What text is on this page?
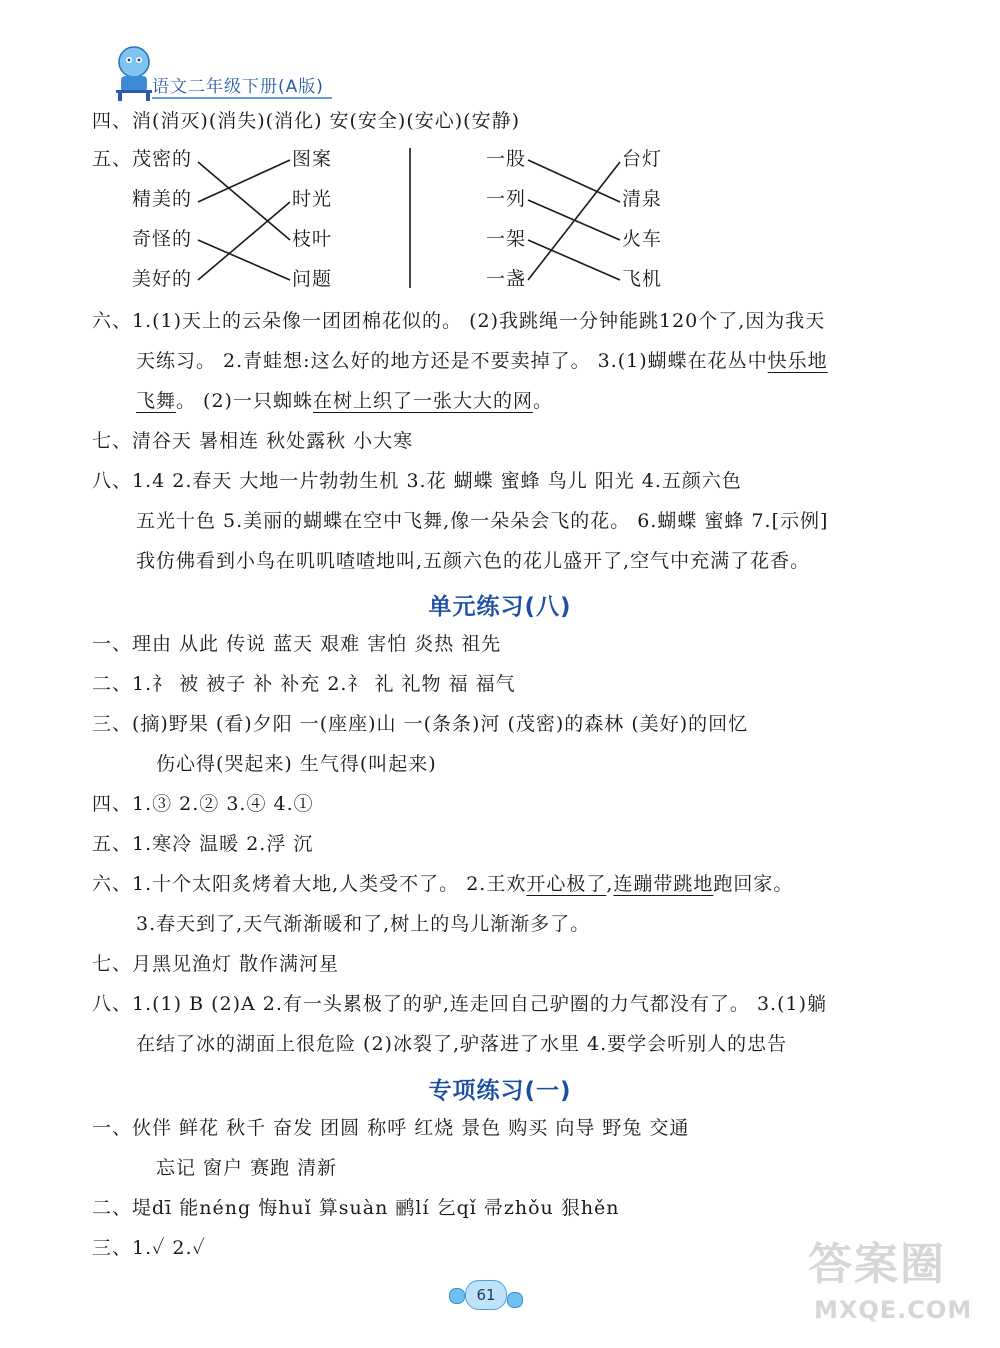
语文二年级下册(A版)
四、消(消灭)(消失)(消化) 安(安全)(安心)(安静)
五、 茂密的
精美的
奇怪的
美好的
图案
时光
枝叶
问题
一股
一列
一架
一盏
台灯
清泉
火车
飞机
六、1.(1)天上的云朵像一团团棉花似的。 (2)我跳绳一分钟能跳120个了,因为我天
天练习。 2.青蛙想:这么好的地方还是不要卖掉了。 3.(1)蝴蝶在花丛中快乐地
飞舞。 (2)一只蜘蛛在树上织了一张大大的网。
七、清谷天 暑相连 秋处露秋 小大寒
八、1.4 2.春天 大地一片勃勃生机 3.花 蝴蝶 蜜蜂 鸟儿 阳光 4.五颜六色
五光十色 5.美丽的蝴蝶在空中飞舞,像一朵朵会飞的花。 6.蝴蝶 蜜蜂 7.[示例]
我仿佛看到小鸟在叽叽喳喳地叫,五颜六色的花儿盛开了,空气中充满了花香。
单元练习(八)
一、理由 从此 传说 蓝天 艰难 害怕 炎热 祖先
二、1.礻 被 被子 补 补充 2.礻 礼 礼物 福 福气
三、(摘)野果 (看)夕阳 一(座座)山 一(条条)河 (茂密)的森林 (美好)的回忆
伤心得(哭起来) 生气得(叫起来)
四、1.③ 2.② 3.④ 4.①
五、1.寒冷 温暖 2.浮 沉
六、1.十个太阳炙烤着大地,人类受不了。 2.王欢开心极了,连蹦带跳地跑回家。
3.春天到了,天气渐渐暖和了,树上的鸟儿渐渐多了。
七、月黑见渔灯 散作满河星
八、1.(1) B (2)A 2.有一头累极了的驴,连走回自己驴圈的力气都没有了。 3.(1)躺
在结了冰的湖面上很危险 (2)冰裂了,驴落进了水里 4.要学会听别人的忠告
专项练习(一)
一、伙伴 鲜花 秋千 奋发 团圆 称呼 红烧 景色 购买 向导 野兔 交通
忘记 窗户 赛跑 清新
二、堤dī 能néng 悔huǐ 算suàn 鹂lí 乞qǐ 帚zhǒu 狠hěn
三、1.✓ 2.✓
61
答案圈
MXQE.COM
